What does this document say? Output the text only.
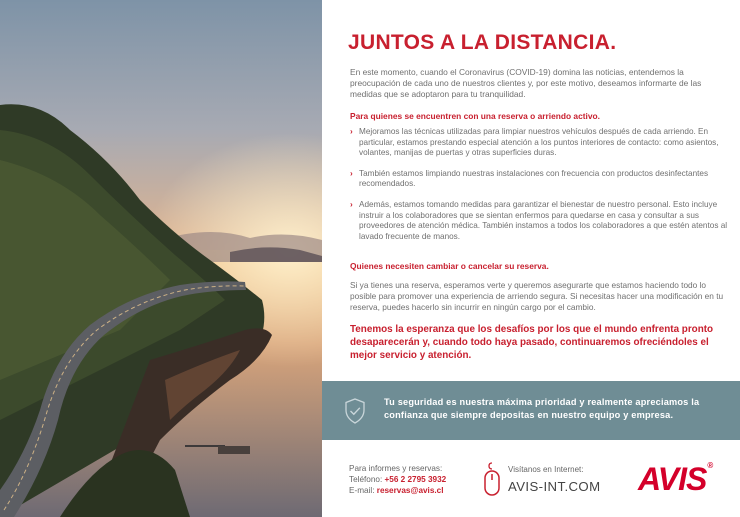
JUNTOS A LA DISTANCIA.

En este momento, cuando el Coronavirus (COVID-19) domina las noticias, entendemos la preocupación de cada uno de nuestros clientes y, por este motivo, deseamos informarte de las medidas que se adoptaron para tu tranquilidad.

Para quienes se encuentren con una reserva o arriendo activo.
› Mejoramos las técnicas utilizadas para limpiar nuestros vehículos después de cada arriendo. En particular, estamos prestando especial atención a los puntos interiores de contacto: como asientos, volantes, manijas de puertas y otras superficies duras.
› También estamos limpiando nuestras instalaciones con frecuencia con productos desinfectantes recomendados.
› Además, estamos tomando medidas para garantizar el bienestar de nuestro personal. Esto incluye instruir a los colaboradores que se sientan enfermos para quedarse en casa y consultar a sus proveedores de atención médica. También instamos a todos los colaboradores a que estén atentos al lavado frecuente de manos.
Quienes necesiten cambiar o cancelar su reserva.

Si ya tienes una reserva, esperamos verte y queremos asegurarte que estamos haciendo todo lo posible para promover una experiencia de arriendo segura. Si necesitas hacer una modificación en tu reserva, puedes hacerlo sin incurrir en ningún cargo por el cambio.

Tenemos la esperanza que los desafíos por los que el mundo enfrenta pronto desaparecerán y, cuando todo haya pasado, continuaremos ofreciéndoles el mejor servicio y atención.

Tu seguridad es nuestra máxima prioridad y realmente apreciamos la confianza que siempre depositas en nuestro equipo y empresa.

Para informes y reservas:
Teléfono: +56 2 2795 3932
E-mail: reservas@avis.cl
Visítanos en Internet:
AVIS-INT.COM AVIS®
